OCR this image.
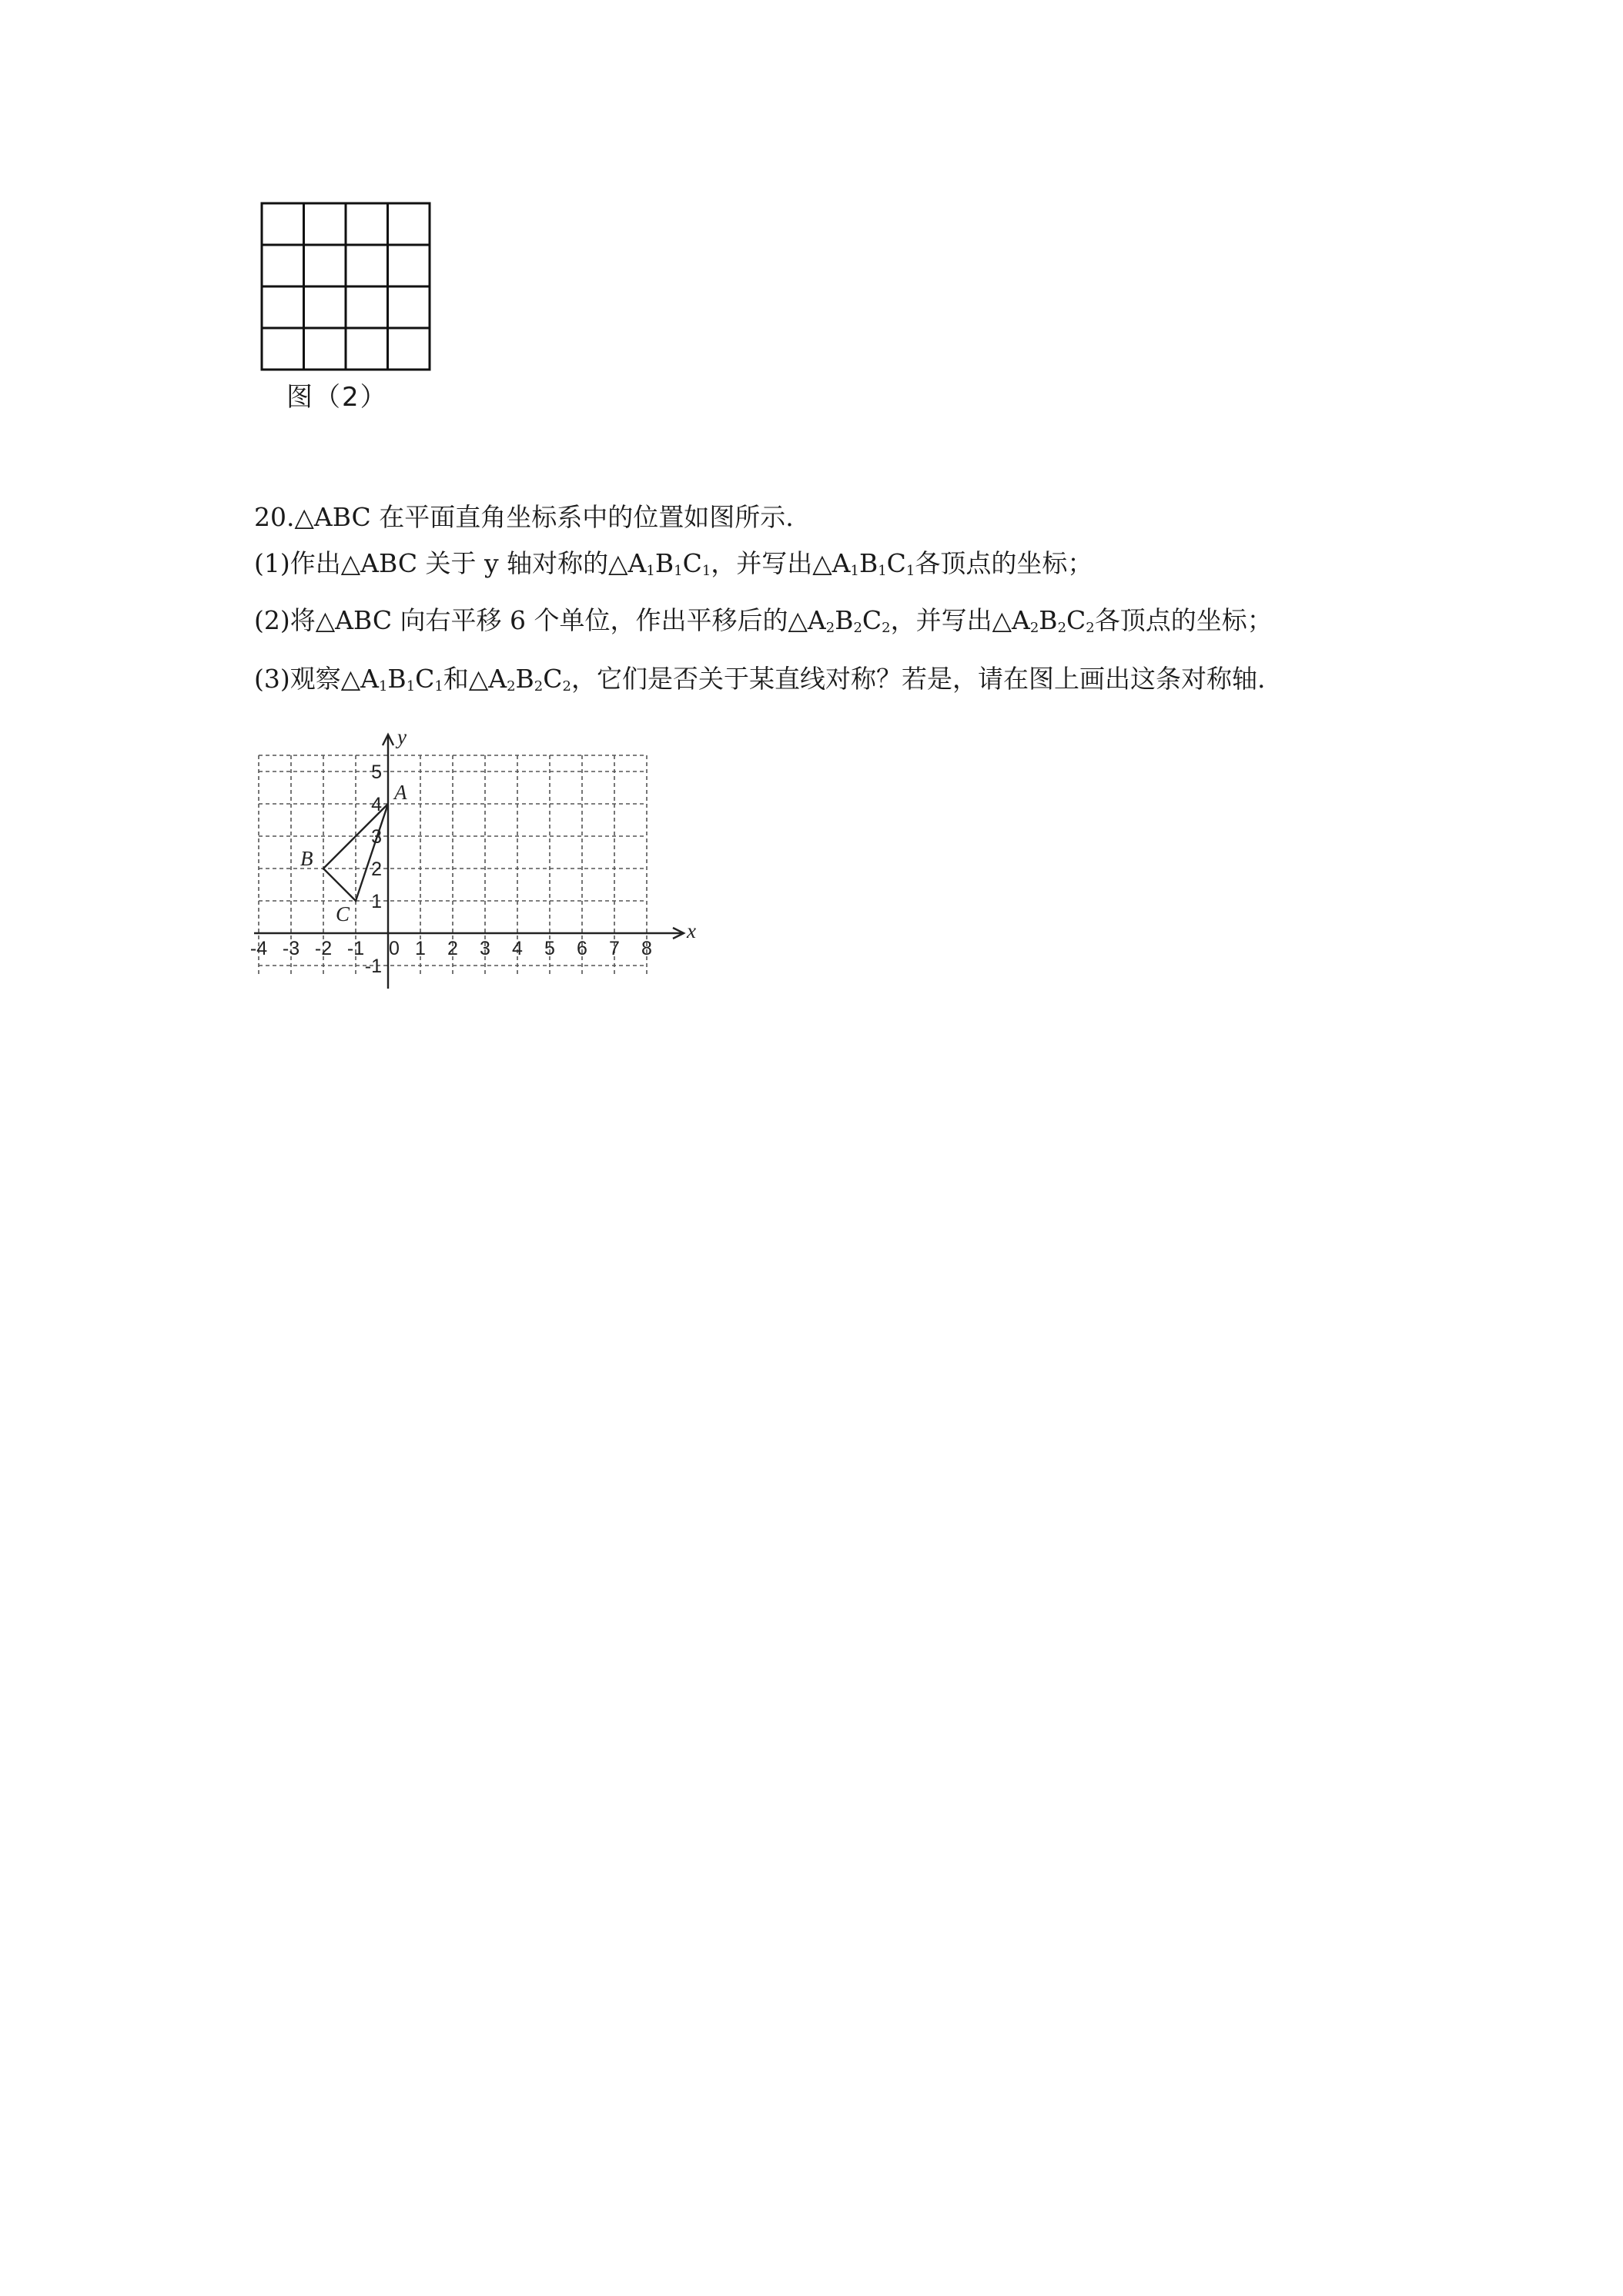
图（2）
20.△ABC 在平面直角坐标系中的位置如图所示.
(1)作出△ABC 关于 y 轴对称的$\triangle A_1B_1C_1$，并写出$\triangle A_1B_1C_1$各顶点的坐标；
(2)将△ABC 向右平移 6 个单位，作出平移后的$\triangle A_2B_2C_2$，并写出$\triangle A_2B_2C_2$各顶点的坐标；
(3)观察$\triangle A_1B_1C_1$和$\triangle A_2B_2C_2$，它们是否关于某直线对称？若是，请在图上画出这条对称轴.
x
y
-4 -3 -2 -1 0 1 2 3 4 5 6 7 8
-1
1
2
3
4
5
A
B
C
